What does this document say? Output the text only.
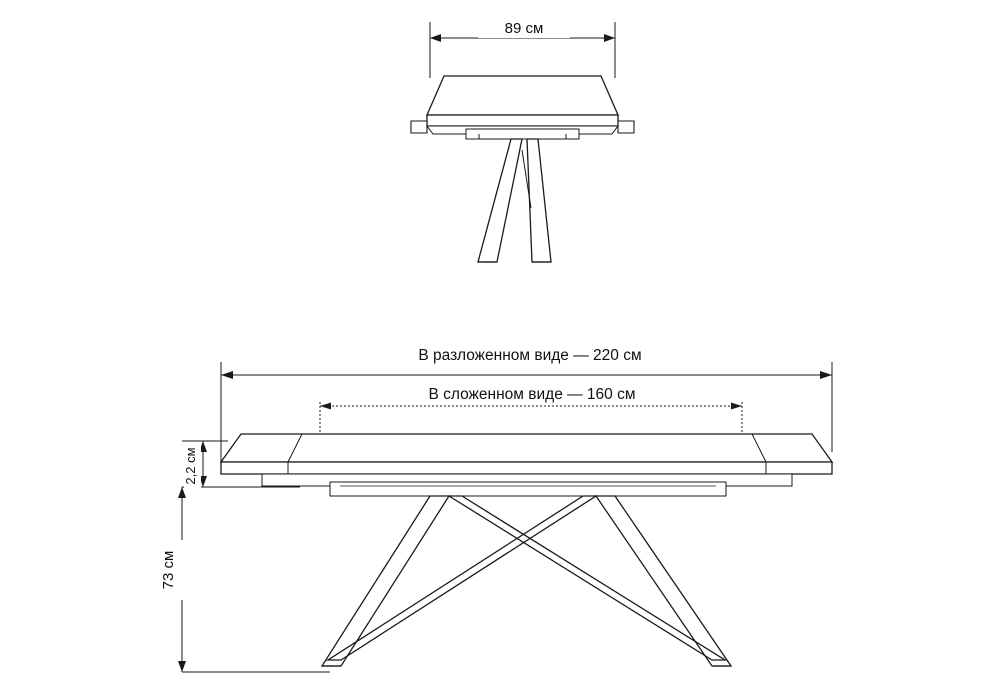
89 см
В разложенном виде — 220 см
В сложенном виде — 160 см
2,2 см
73 см
